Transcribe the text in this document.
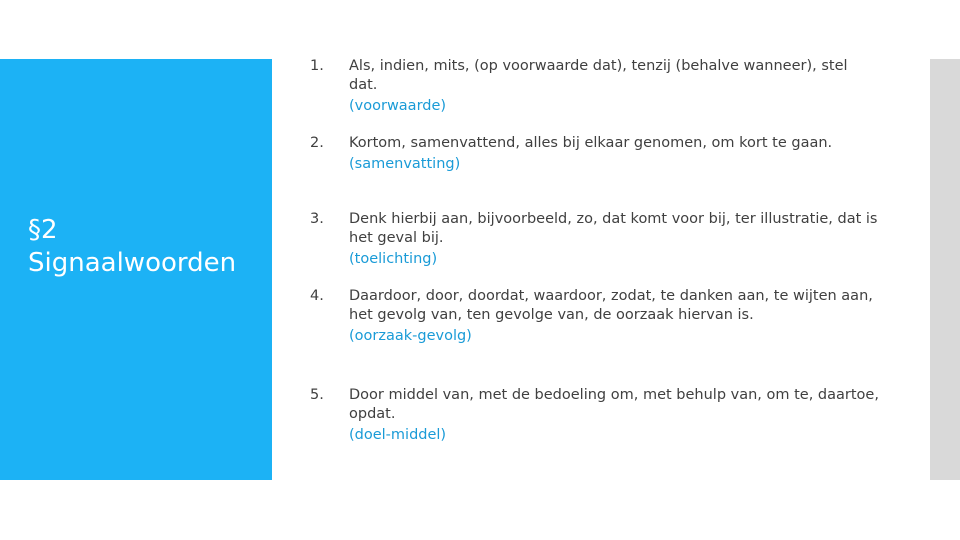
§2
Signaalwoorden
1.	Als, indien, mits, (op voorwaarde dat), tenzij (behalve wanneer), stel dat.
(voorwaarde)
2.	Kortom, samenvattend, alles bij elkaar genomen, om kort te gaan.
(samenvatting)
3.	Denk hierbij aan, bijvoorbeeld, zo, dat komt voor bij, ter illustratie, dat is het geval bij.
(toelichting)
4.	Daardoor, door, doordat, waardoor, zodat, te danken aan, te wijten aan, het gevolg van, ten gevolge van, de oorzaak hiervan is.
(oorzaak-gevolg)
5.	Door middel van, met de bedoeling om, met behulp van, om te, daartoe, opdat.
(doel-middel)
